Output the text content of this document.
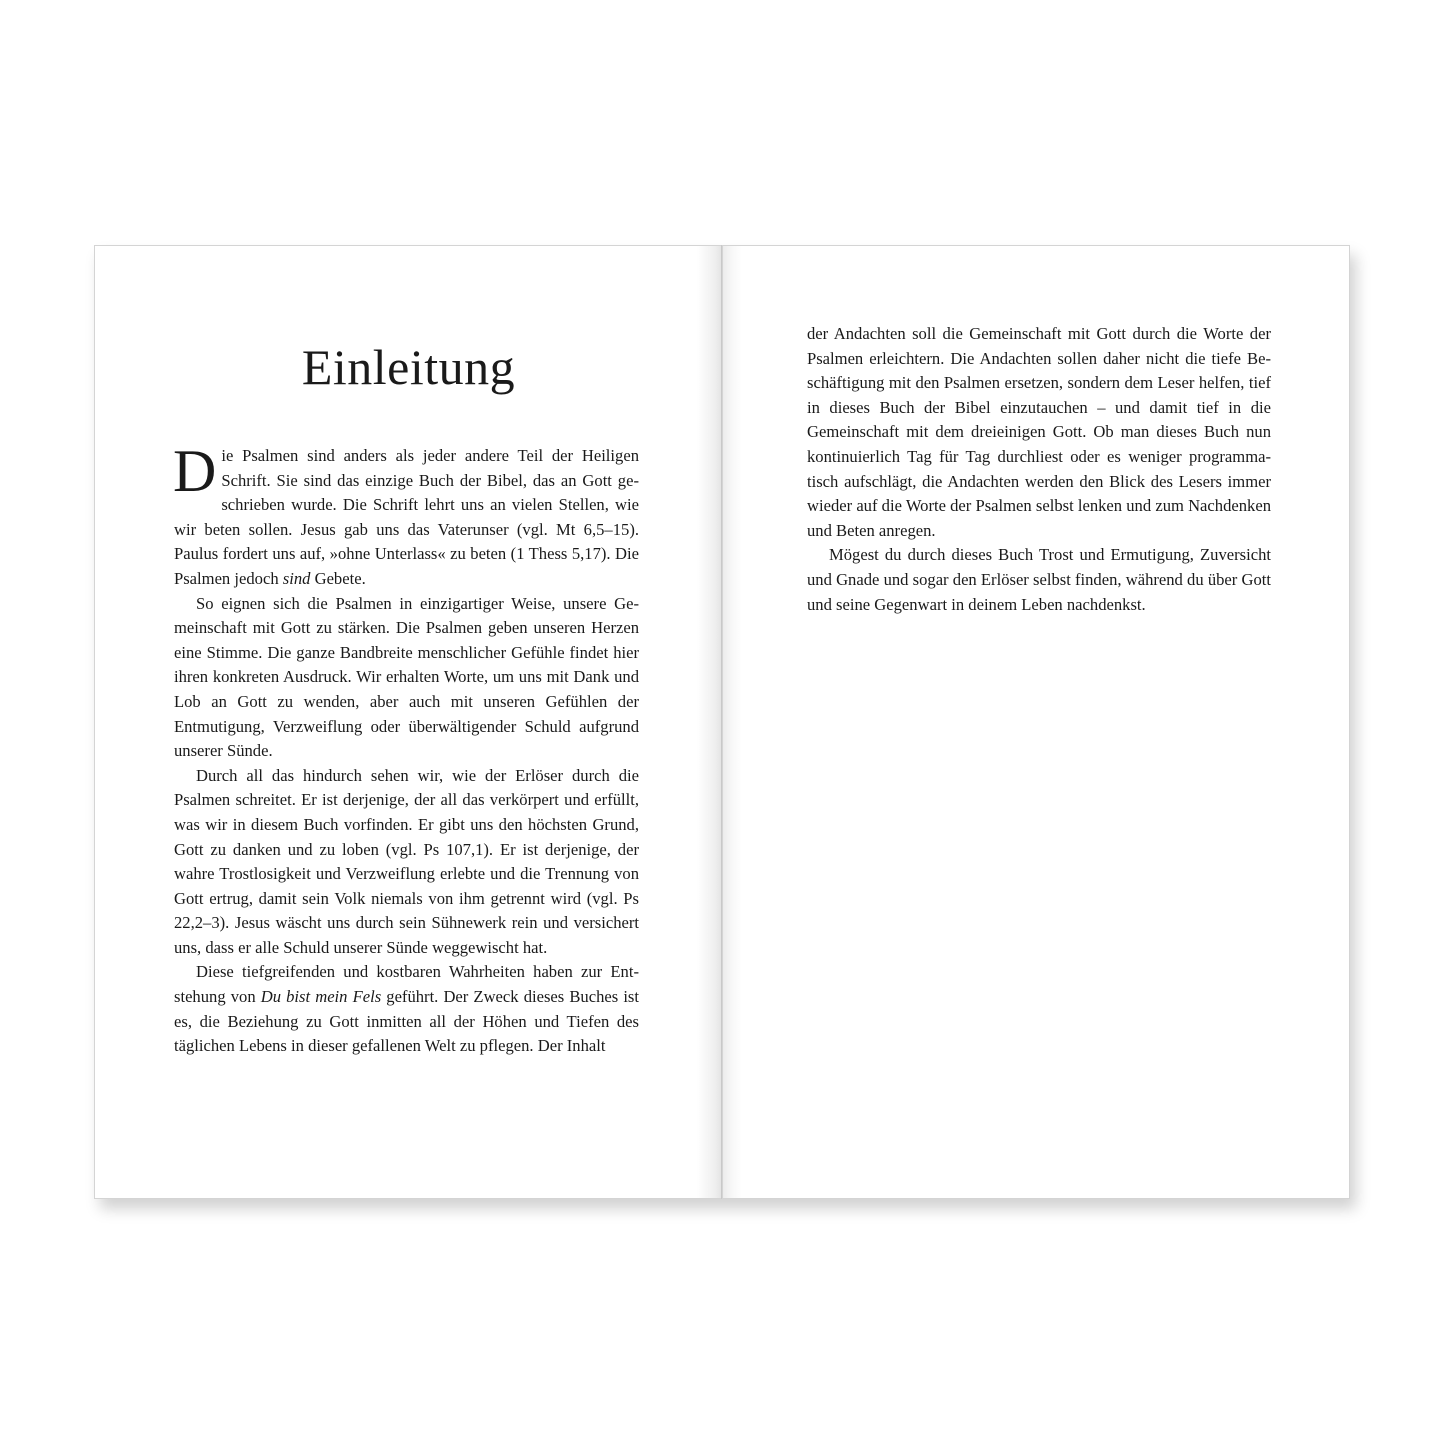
Einleitung

Die Psalmen sind anders als jeder andere Teil der Heiligen Schrift. Sie sind das einzige Buch der Bibel, das an Gott geschrieben wurde. Die Schrift lehrt uns an vielen Stellen, wie wir beten sollen. Jesus gab uns das Vaterunser (vgl. Mt 6,5–15). Paulus fordert uns auf, »ohne Unterlass« zu beten (1 Thess 5,17). Die Psalmen jedoch sind Gebete.

So eignen sich die Psalmen in einzigartiger Weise, unsere Gemeinschaft mit Gott zu stärken. Die Psalmen geben unseren Herzen eine Stimme. Die ganze Bandbreite menschlicher Gefühle findet hier ihren konkreten Ausdruck. Wir erhalten Worte, um uns mit Dank und Lob an Gott zu wenden, aber auch mit unseren Gefühlen der Entmutigung, Verzweiflung oder überwältigender Schuld aufgrund unserer Sünde.

Durch all das hindurch sehen wir, wie der Erlöser durch die Psalmen schreitet. Er ist derjenige, der all das verkörpert und erfüllt, was wir in diesem Buch vorfinden. Er gibt uns den höchsten Grund, Gott zu danken und zu loben (vgl. Ps 107,1). Er ist derjenige, der wahre Trostlosigkeit und Verzweiflung erlebte und die Trennung von Gott ertrug, damit sein Volk niemals von ihm getrennt wird (vgl. Ps 22,2–3). Jesus wäscht uns durch sein Sühnewerk rein und versichert uns, dass er alle Schuld unserer Sünde weggewischt hat.

Diese tiefgreifenden und kostbaren Wahrheiten haben zur Entstehung von Du bist mein Fels geführt. Der Zweck dieses Buches ist es, die Beziehung zu Gott inmitten all der Höhen und Tiefen des täglichen Lebens in dieser gefallenen Welt zu pflegen. Der Inhalt

der Andachten soll die Gemeinschaft mit Gott durch die Worte der Psalmen erleichtern. Die Andachten sollen daher nicht die tiefe Beschäftigung mit den Psalmen ersetzen, sondern dem Leser helfen, tief in dieses Buch der Bibel einzutauchen – und damit tief in die Gemeinschaft mit dem dreieinigen Gott. Ob man dieses Buch nun kontinuierlich Tag für Tag durchliest oder es weniger programmatisch aufschlägt, die Andachten werden den Blick des Lesers immer wieder auf die Worte der Psalmen selbst lenken und zum Nachdenken und Beten anregen.

Mögest du durch dieses Buch Trost und Ermutigung, Zuversicht und Gnade und sogar den Erlöser selbst finden, während du über Gott und seine Gegenwart in deinem Leben nachdenkst.
